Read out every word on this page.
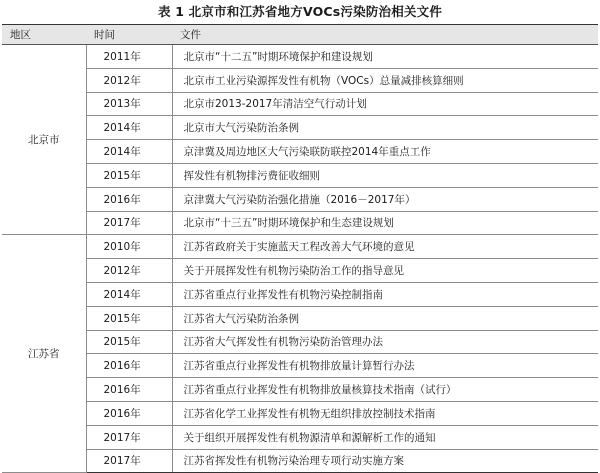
表 1 北京市和江苏省地方VOCs污染防治相关文件
地区	时间	文件
北京市	2011年	北京市“十二五”时期环境保护和建设规划
	2012年	北京市工业污染源挥发性有机物（VOCs）总量减排核算细则
	2013年	北京市2013-2017年清洁空气行动计划
	2014年	北京市大气污染防治条例
	2014年	京津冀及周边地区大气污染联防联控2014年重点工作
	2015年	挥发性有机物排污费征收细则
	2016年	京津冀大气污染防治强化措施（2016－2017年）
	2017年	北京市“十三五”时期环境保护和生态建设规划
江苏省	2010年	江苏省政府关于实施蓝天工程改善大气环境的意见
	2012年	关于开展挥发性有机物污染防治工作的指导意见
	2014年	江苏省重点行业挥发性有机物污染控制指南
	2015年	江苏省大气污染防治条例
	2015年	江苏省大气挥发性有机物污染防治管理办法
	2016年	江苏省重点行业挥发性有机物排放量计算暂行办法
	2016年	江苏省重点行业挥发性有机物排放量核算技术指南（试行）
	2016年	江苏省化学工业挥发性有机物无组织排放控制技术指南
	2017年	关于组织开展挥发性有机物源清单和源解析工作的通知
	2017年	江苏省挥发性有机物污染治理专项行动实施方案
